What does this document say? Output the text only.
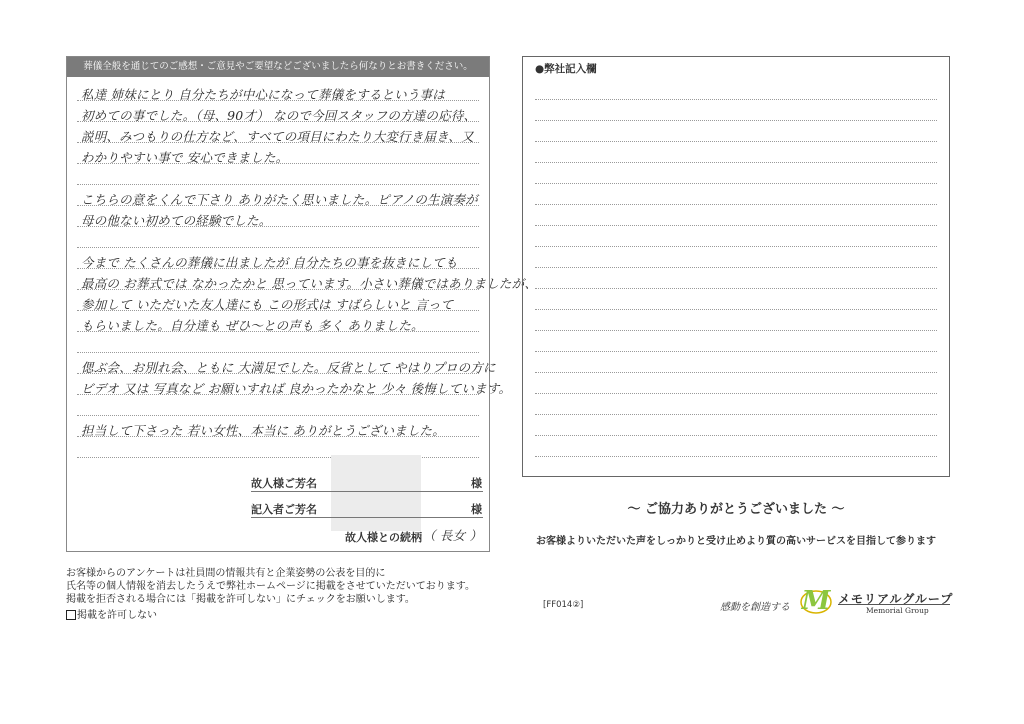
葬儀全般を通じてのご感想・ご意見やご要望などございましたら何なりとお書きください。
私達 姉妹にとり 自分たちが中心になって葬儀をするという事は
初めての事でした。（母、90才） なので今回スタッフの方達の応待、
説明、みつもりの仕方など、すべての項目にわたり大変行き届き、又
わかりやすい事で 安心できました。
こちらの意をくんで下さり ありがたく思いました。ピアノの生演奏が
母の他ない初めての経験でした。
今まで たくさんの葬儀に出ましたが 自分たちの事を抜きにしても
最高の お葬式では なかったかと 思っています。小さい葬儀ではありましたが、
参加して いただいた友人達にも この形式は すばらしいと 言って
もらいました。自分達も ぜひ～との声も 多く ありました。
偲ぶ会、お別れ会、ともに 大満足でした。反省として やはりプロの方に
ビデオ 又は 写真など お願いすれば 良かったかなと 少々 後悔しています。
担当して下さった 若い女性、本当に ありがとうございました。
故人様ご芳名	様
記入者ご芳名	様
故人様との続柄 （ 長女 ）
●弊社記入欄
～ ご協力ありがとうございました ～
お客様よりいただいた声をしっかりと受け止めより質の高いサービスを目指して参ります
お客様からのアンケートは社員間の情報共有と企業姿勢の公表を目的に
氏名等の個人情報を消去したうえで弊社ホームページに掲載をさせていただいております。
掲載を拒否される場合には「掲載を許可しない」にチェックをお願いします。
掲載を許可しない
[FF014②]	感動を創造する M メモリアルグループ
Memorial Group
